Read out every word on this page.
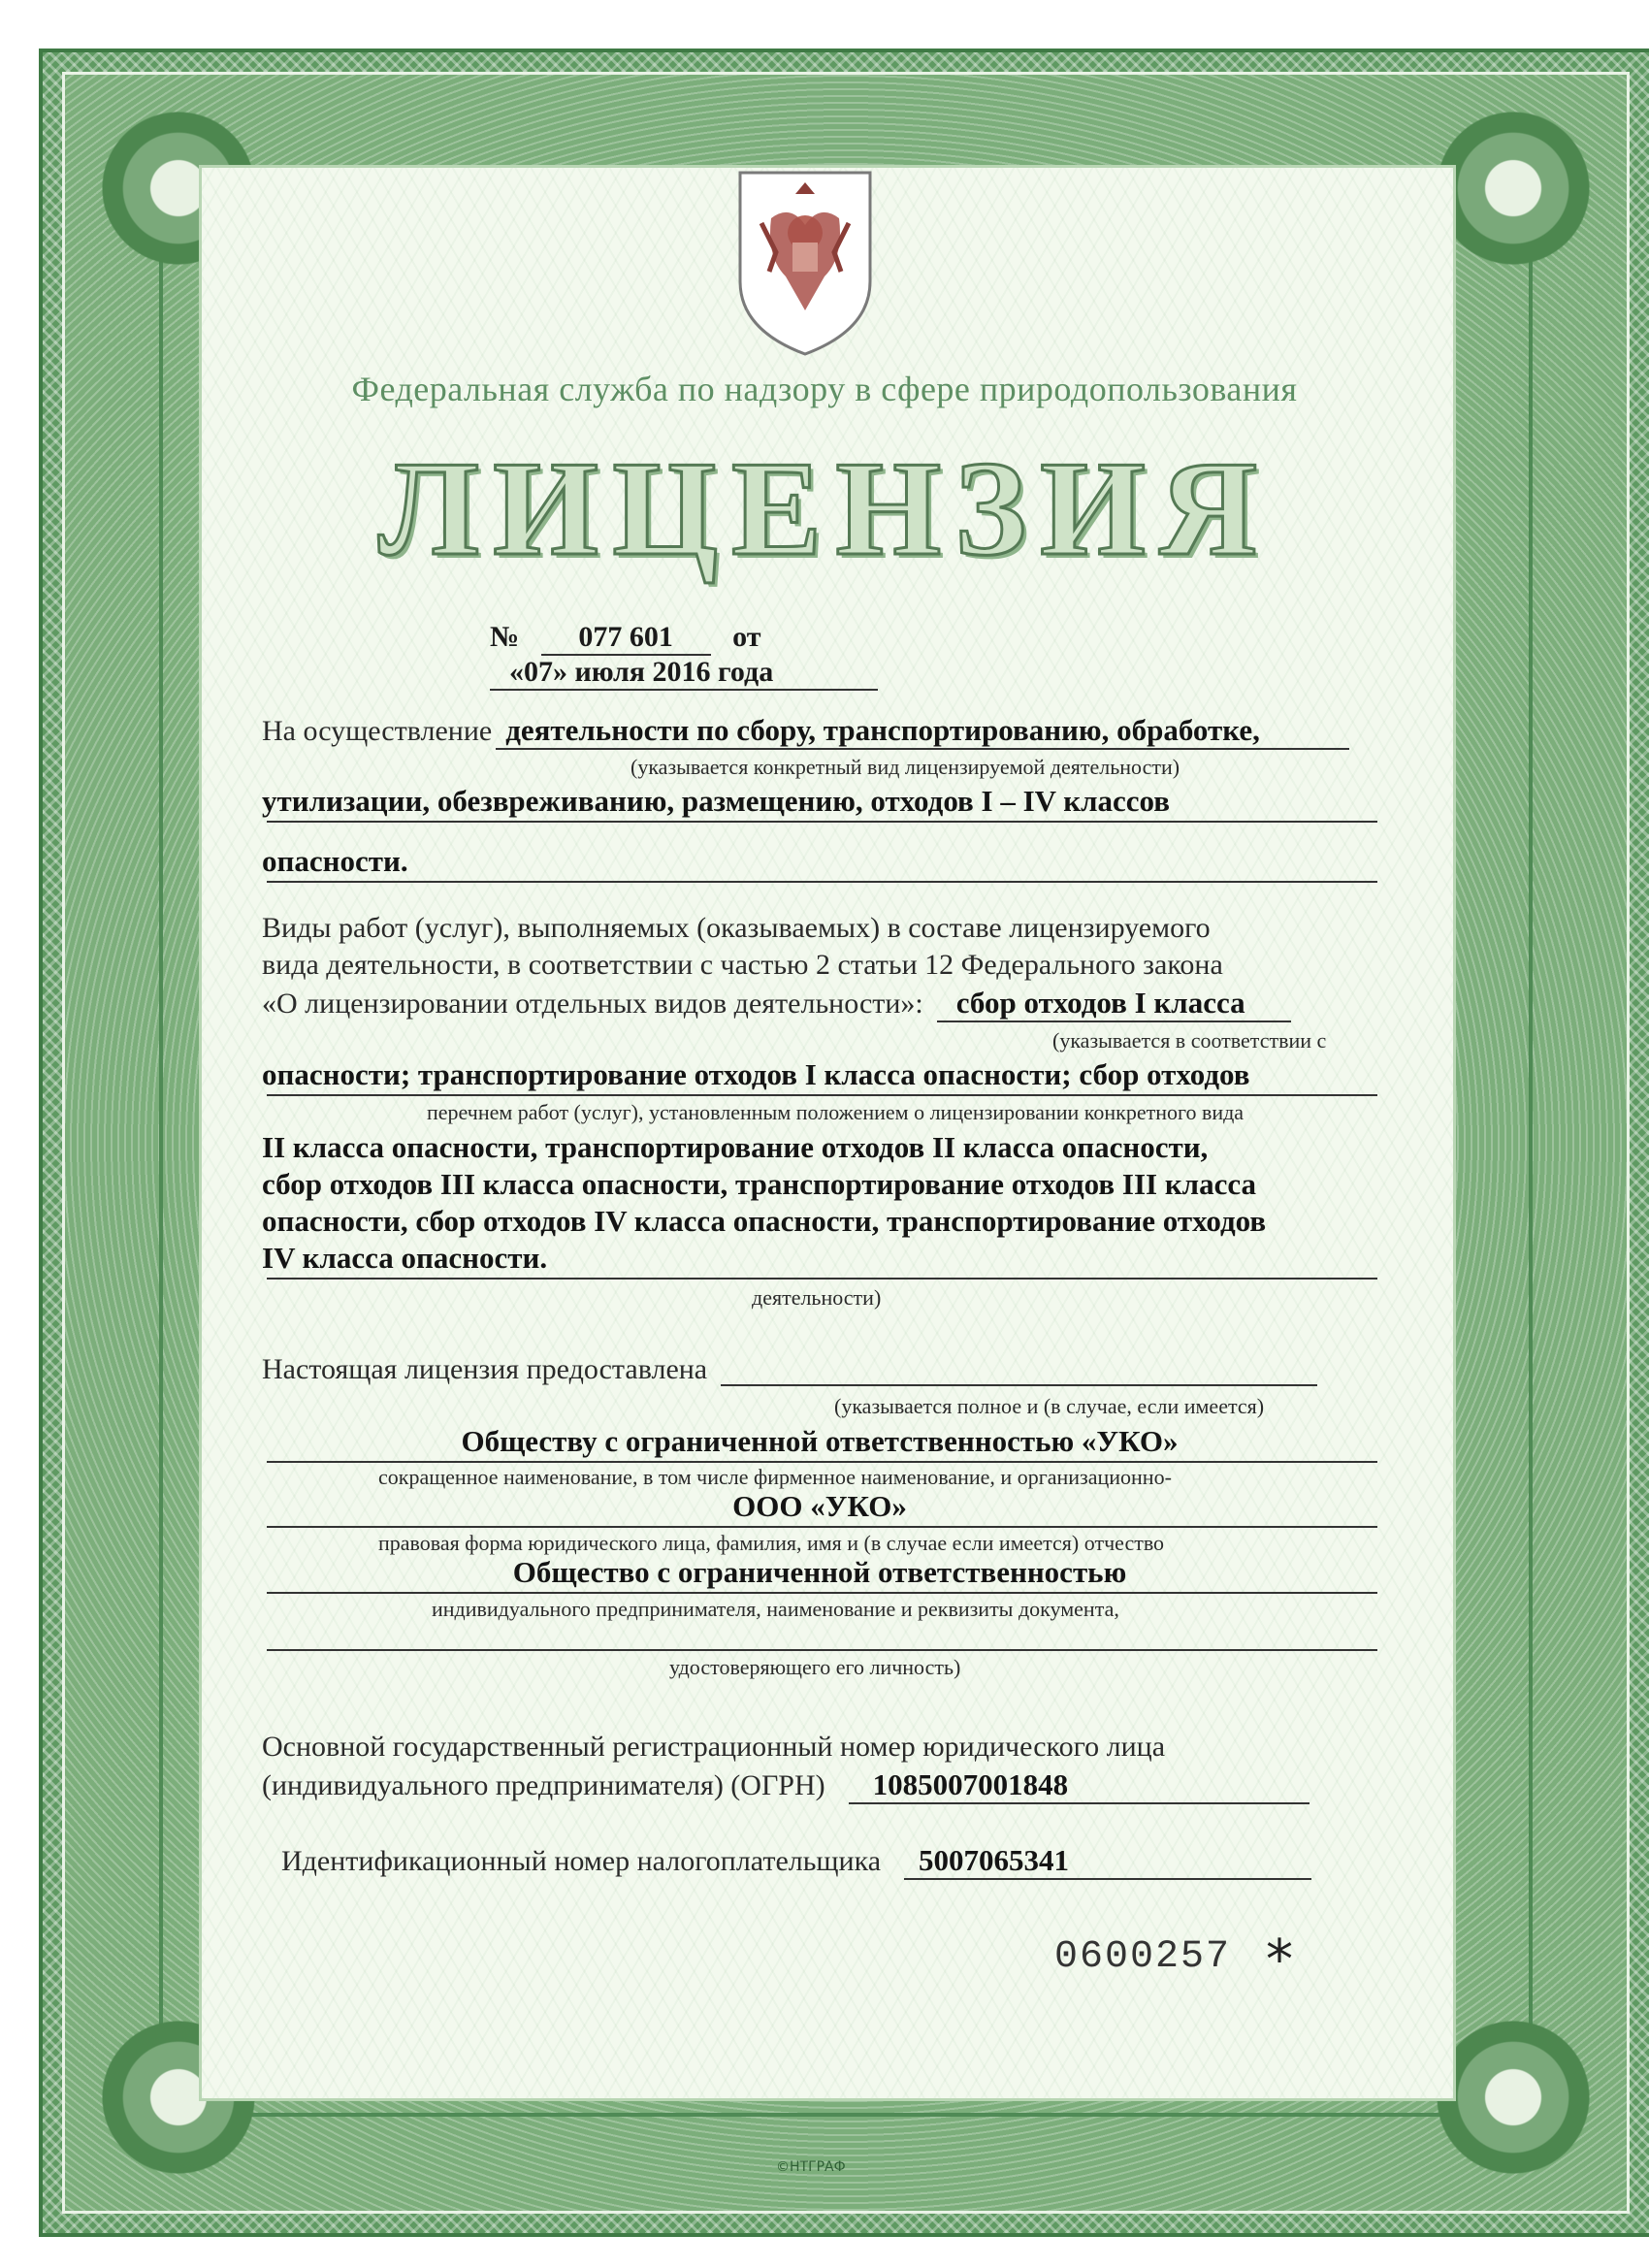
Федеральная служба по надзору в сфере природопользования
ЛИЦЕНЗИЯ
№ 077 601 от   «07» июля 2016 года
На осуществление деятельности по сбору, транспортированию, обработке,
(указывается конкретный вид лицензируемой деятельности)
утилизации, обезвреживанию, размещению, отходов I – IV классов
опасности.
Виды работ (услуг), выполняемых (оказываемых) в составе лицензируемого
вида деятельности, в соответствии с частью 2 статьи 12 Федерального закона
«О лицензировании отдельных видов деятельности»: сбор отходов I класса
(указывается в соответствии с
опасности; транспортирование отходов I класса опасности; сбор отходов
перечнем работ (услуг), установленным положением о лицензировании конкретного вида
II класса опасности, транспортирование отходов II класса опасности,
сбор отходов III класса опасности, транспортирование отходов III класса
опасности, сбор отходов IV класса опасности, транспортирование отходов
IV класса опасности.
деятельности)
Настоящая лицензия предоставлена
(указывается полное и (в случае, если имеется)
Обществу с ограниченной ответственностью «УКО»
сокращенное наименование, в том числе фирменное наименование, и организационно-
ООО «УКО»
правовая форма юридического лица, фамилия, имя и (в случае если имеется) отчество
Общество с ограниченной ответственностью
индивидуального предпринимателя, наименование и реквизиты документа,
удостоверяющего его личность)
Основной государственный регистрационный номер юридического лица
(индивидуального предпринимателя) (ОГРН) 1085007001848
Идентификационный номер налогоплательщика 5007065341
0600257 *
©НТГРАФ
